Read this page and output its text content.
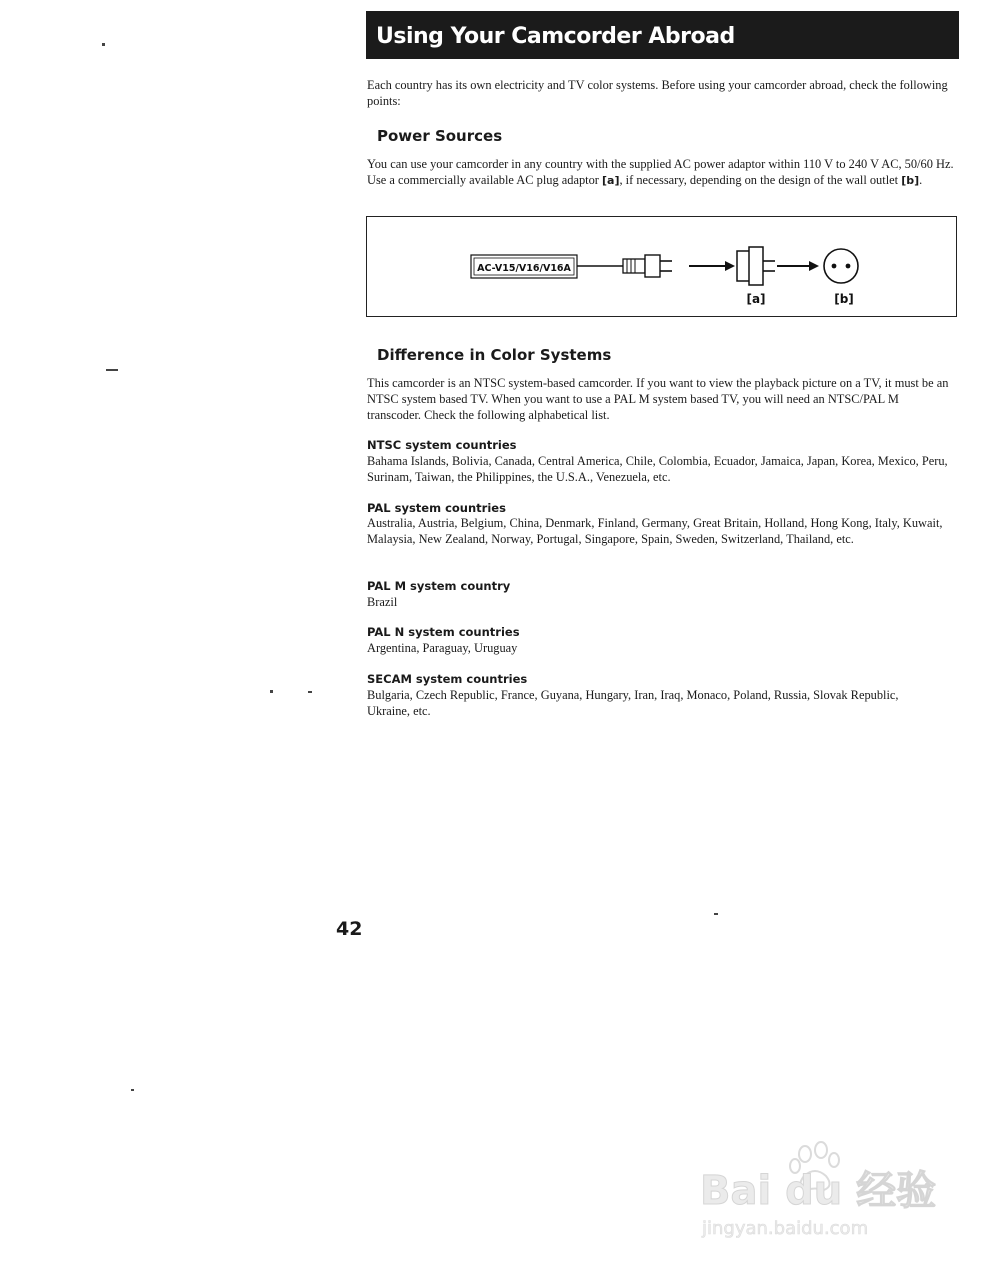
Using Your Camcorder Abroad

Each country has its own electricity and TV color systems. Before using your camcorder abroad, check the following points:

Power Sources

You can use your camcorder in any country with the supplied AC power adaptor within 110 V to 240 V AC, 50/60 Hz. Use a commercially available AC plug adaptor [a], if necessary, depending on the design of the wall outlet [b].

AC-V15/V16/V16A
[a]	[b]
Difference in Color Systems

This camcorder is an NTSC system-based camcorder. If you want to view the playback picture on a TV, it must be an NTSC system based TV. When you want to use a PAL M system based TV, you will need an NTSC/PAL M transcoder. Check the following alphabetical list.

NTSC system countries

Bahama Islands, Bolivia, Canada, Central America, Chile, Colombia, Ecuador, Jamaica, Japan, Korea, Mexico, Peru, Surinam, Taiwan, the Philippines, the U.S.A., Venezuela, etc.

PAL system countries

Australia, Austria, Belgium, China, Denmark, Finland, Germany, Great Britain, Holland, Hong Kong, Italy, Kuwait, Malaysia, New Zealand, Norway, Portugal, Singapore, Spain, Sweden, Switzerland, Thailand, etc.

PAL M system country

Brazil

PAL N system countries

Argentina, Paraguay, Uruguay

SECAM system countries

Bulgaria, Czech Republic, France, Guyana, Hungary, Iran, Iraq, Monaco, Poland, Russia, Slovak Republic, Ukraine, etc.

42

Bai du 经验
jingyan.baidu.com
